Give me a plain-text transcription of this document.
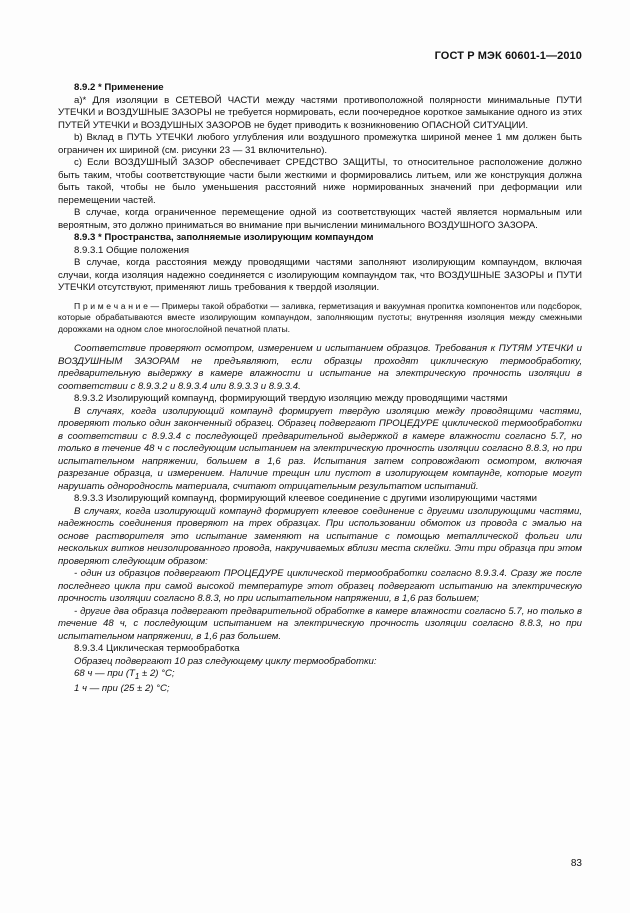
ГОСТ Р МЭК 60601-1—2010

8.9.2 * Применение

а)* Для изоляции в СЕТЕВОЙ ЧАСТИ между частями противоположной полярности минимальные ПУТИ УТЕЧКИ и ВОЗДУШНЫЕ ЗАЗОРЫ не требуется нормировать, если поочередное короткое замыкание одного из этих ПУТЕЙ УТЕЧКИ и ВОЗДУШНЫХ ЗАЗОРОВ не будет приводить к возникновению ОПАСНОЙ СИТУАЦИИ.

b) Вклад в ПУТЬ УТЕЧКИ любого углубления или воздушного промежутка шириной менее 1 мм должен быть ограничен их шириной (см. рисунки 23 — 31 включительно).

с) Если ВОЗДУШНЫЙ ЗАЗОР обеспечивает СРЕДСТВО ЗАЩИТЫ, то относительное расположение должно быть таким, чтобы соответствующие части были жесткими и формировались литьем, или же конструкция должна быть такой, чтобы не было уменьшения расстояний ниже нормированных значений при деформации или перемещении частей.

В случае, когда ограниченное перемещение одной из соответствующих частей является нормальным или вероятным, это должно приниматься во внимание при вычислении минимального ВОЗДУШНОГО ЗАЗОРА.

8.9.3 * Пространства, заполняемые изолирующим компаундом

8.9.3.1 Общие положения

В случае, когда расстояния между проводящими частями заполняют изолирующим компаундом, включая случаи, когда изоляция надежно соединяется с изолирующим компаундом так, что ВОЗДУШНЫЕ ЗАЗОРЫ и ПУТИ УТЕЧКИ отсутствуют, применяют лишь требования к твердой изоляции.

П р и м е ч а н и е — Примеры такой обработки — заливка, герметизация и вакуумная пропитка компонентов или подсборок, которые обрабатываются вместе изолирующим компаундом, заполняющим пустоты; внутренняя изоляция между смежными дорожками на одном слое многослойной печатной платы.

Соответствие проверяют осмотром, измерением и испытанием образцов. Требования к ПУТЯМ УТЕЧКИ и ВОЗДУШНЫМ ЗАЗОРАМ не предъявляют, если образцы проходят циклическую термообработку, предварительную выдержку в камере влажности и испытание на электрическую прочность изоляции в соответствии с 8.9.3.2 и 8.9.3.4 или 8.9.3.3 и 8.9.3.4.

8.9.3.2 Изолирующий компаунд, формирующий твердую изоляцию между проводящими частями

В случаях, когда изолирующий компаунд формирует твердую изоляцию между проводящими частями, проверяют только один законченный образец. Образец подвергают ПРОЦЕДУРЕ циклической термообработки в соответствии с 8.9.3.4 с последующей предварительной выдержкой в камере влажности согласно 5.7, но только в течение 48 ч с последующим испытанием на электрическую прочность изоляции согласно 8.8.3, но при испытательном напряжении, большем в 1,6 раз. Испытания затем сопровождают осмотром, включая разрезание образца, и измерением. Наличие трещин или пустот в изолирующем компаунде, которые могут нарушать однородность материала, считают отрицательным результатом испытаний.

8.9.3.3 Изолирующий компаунд, формирующий клеевое соединение с другими изолирующими частями

В случаях, когда изолирующий компаунд формирует клеевое соединение с другими изолирующими частями, надежность соединения проверяют на трех образцах. При использовании обмоток из провода с эмалью на основе растворителя это испытание заменяют на испытание с помощью металлической фольги или нескольких витков неизолированного провода, накручиваемых вблизи места склейки. Эти три образца при этом проверяют следующим образом:

- один из образцов подвергают ПРОЦЕДУРЕ циклической термообработки согласно 8.9.3.4. Сразу же после последнего цикла при самой высокой температуре этот образец подвергают испытанию на электрическую прочность изоляции согласно 8.8.3, но при испытательном напряжении, в 1,6 раз большем;

- другие два образца подвергают предварительной обработке в камере влажности согласно 5.7, но только в течение 48 ч, с последующим испытанием на электрическую прочность изоляции согласно 8.8.3, но при испытательном напряжении, в 1,6 раз большем.

8.9.3.4 Циклическая термообработка

Образец подвергают 10 раз следующему циклу термообработки:

68 ч — при $(T_1 \pm 2)$ °C;

1 ч — при (25 ± 2) °C;

83
